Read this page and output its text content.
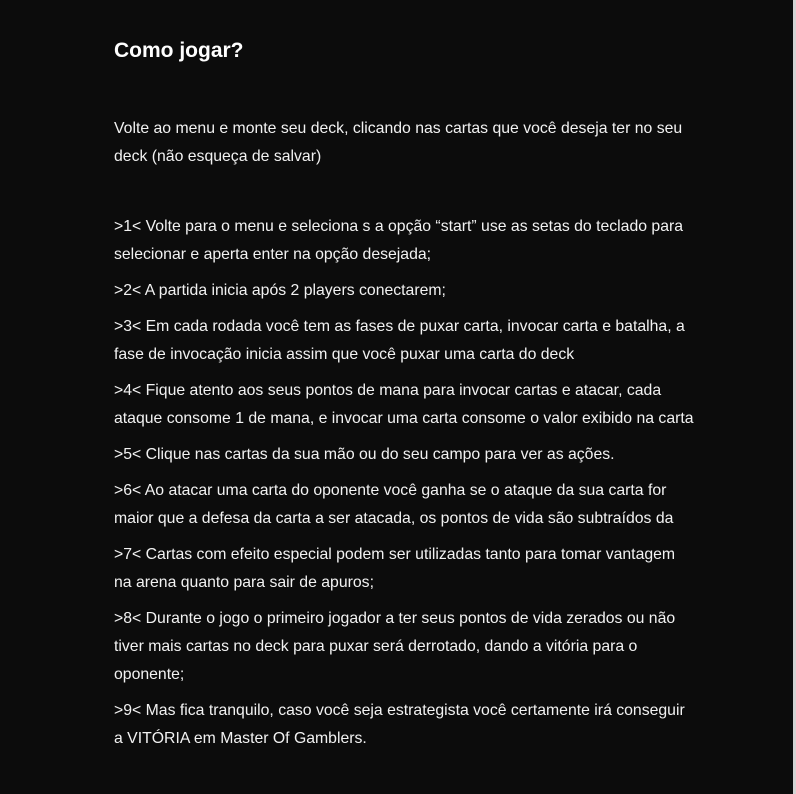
Como jogar?

Volte ao menu e monte seu deck, clicando nas cartas que você deseja ter no seu deck (não esqueça de salvar)

>1< Volte para o menu e seleciona s a opção “start” use as setas do teclado para selecionar e aperta enter na opção desejada;
>2< A partida inicia após 2 players conectarem;
>3< Em cada rodada você tem as fases de puxar carta, invocar carta e batalha, a fase de invocação inicia assim que você puxar uma carta do deck
>4< Fique atento aos seus pontos de mana para invocar cartas e atacar, cada ataque consome 1 de mana, e invocar uma carta consome o valor exibido na carta
>5< Clique nas cartas da sua mão ou do seu campo para ver as ações.
>6< Ao atacar uma carta do oponente você ganha se o ataque da sua carta for maior que a defesa da carta a ser atacada, os pontos de vida são subtraídos da
>7< Cartas com efeito especial podem ser utilizadas tanto para tomar vantagem na arena quanto para sair de apuros;
>8< Durante o jogo o primeiro jogador a ter seus pontos de vida zerados ou não tiver mais cartas no deck para puxar será derrotado, dando a vitória para o oponente;
>9< Mas fica tranquilo, caso você seja estrategista você certamente irá conseguir a VITÓRIA em Master Of Gamblers.
